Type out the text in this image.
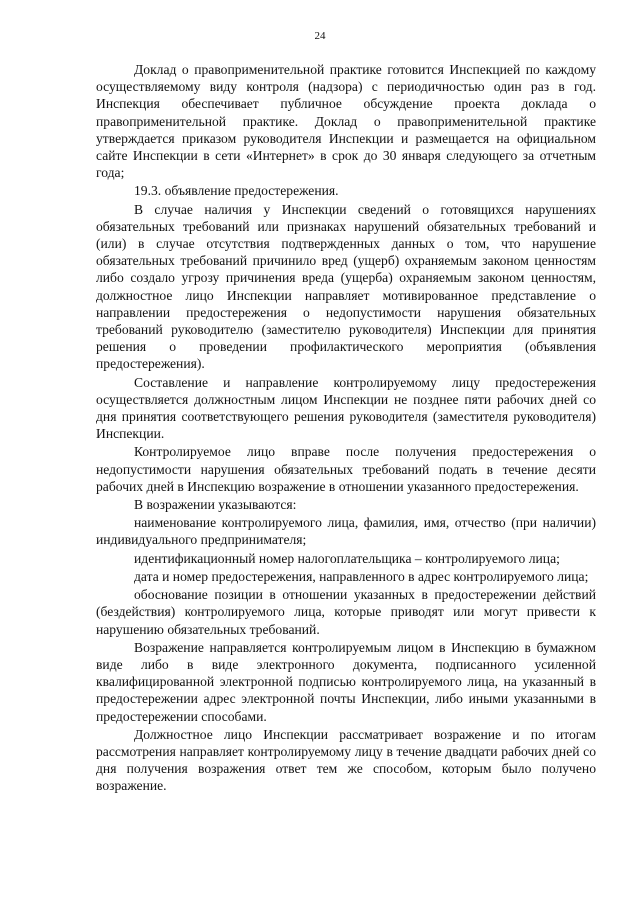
24

Доклад о правоприменительной практике готовится Инспекцией по каждому осуществляемому виду контроля (надзора) с периодичностью один раз в год. Инспекция обеспечивает публичное обсуждение проекта доклада о правоприменительной практике. Доклад о правоприменительной практике утверждается приказом руководителя Инспекции и размещается на официальном сайте Инспекции в сети «Интернет» в срок до 30 января следующего за отчетным года;

19.3. объявление предостережения.

В случае наличия у Инспекции сведений о готовящихся нарушениях обязательных требований или признаках нарушений обязательных требований и (или) в случае отсутствия подтвержденных данных о том, что нарушение обязательных требований причинило вред (ущерб) охраняемым законом ценностям либо создало угрозу причинения вреда (ущерба) охраняемым законом ценностям, должностное лицо Инспекции направляет мотивированное представление о направлении предостережения о недопустимости нарушения обязательных требований руководителю (заместителю руководителя) Инспекции для принятия решения о проведении профилактического мероприятия (объявления предостережения).

Составление и направление контролируемому лицу предостережения осуществляется должностным лицом Инспекции не позднее пяти рабочих дней со дня принятия соответствующего решения руководителя (заместителя руководителя) Инспекции.

Контролируемое лицо вправе после получения предостережения о недопустимости нарушения обязательных требований подать в течение десяти рабочих дней в Инспекцию возражение в отношении указанного предостережения.

В возражении указываются:

наименование контролируемого лица, фамилия, имя, отчество (при наличии) индивидуального предпринимателя;

идентификационный номер налогоплательщика – контролируемого лица;

дата и номер предостережения, направленного в адрес контролируемого лица;

обоснование позиции в отношении указанных в предостережении действий (бездействия) контролируемого лица, которые приводят или могут привести к нарушению обязательных требований.

Возражение направляется контролируемым лицом в Инспекцию в бумажном виде либо в виде электронного документа, подписанного усиленной квалифицированной электронной подписью контролируемого лица, на указанный в предостережении адрес электронной почты Инспекции, либо иными указанными в предостережении способами.

Должностное лицо Инспекции рассматривает возражение и по итогам рассмотрения направляет контролируемому лицу в течение двадцати рабочих дней со дня получения возражения ответ тем же способом, которым было получено возражение.
